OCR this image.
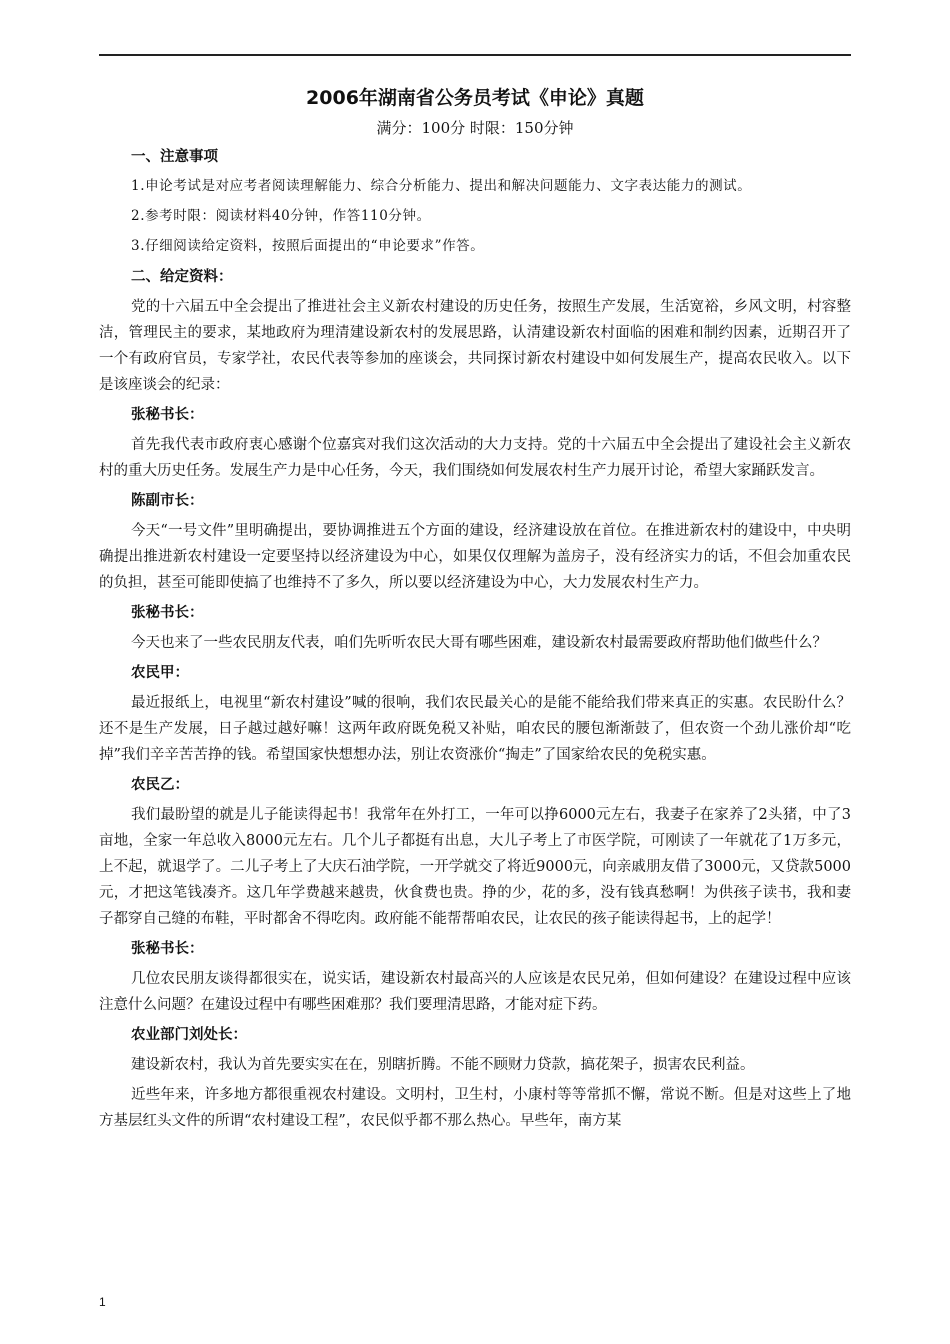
2006年湖南省公务员考试《申论》真题

满分：100分 时限：150分钟

一、注意事项

1.申论考试是对应考者阅读理解能力、综合分析能力、提出和解决问题能力、文字表达能力的测试。

2.参考时限：阅读材料40分钟，作答110分钟。

3.仔细阅读给定资料，按照后面提出的“申论要求”作答。

二、给定资料：

党的十六届五中全会提出了推进社会主义新农村建设的历史任务，按照生产发展，生活宽裕，乡风文明，村容整洁，管理民主的要求，某地政府为理清建设新农村的发展思路，认清建设新农村面临的困难和制约因素，近期召开了一个有政府官员，专家学社，农民代表等参加的座谈会，共同探讨新农村建设中如何发展生产，提高农民收入。以下是该座谈会的纪录：

张秘书长：

首先我代表市政府衷心感谢个位嘉宾对我们这次活动的大力支持。党的十六届五中全会提出了建设社会主义新农村的重大历史任务。发展生产力是中心任务，今天，我们围绕如何发展农村生产力展开讨论，希望大家踊跃发言。

陈副市长：

今天“一号文件”里明确提出，要协调推进五个方面的建设，经济建设放在首位。在推进新农村的建设中，中央明确提出推进新农村建设一定要坚持以经济建设为中心，如果仅仅理解为盖房子，没有经济实力的话，不但会加重农民的负担，甚至可能即使搞了也维持不了多久，所以要以经济建设为中心，大力发展农村生产力。

张秘书长：

今天也来了一些农民朋友代表，咱们先听听农民大哥有哪些困难，建设新农村最需要政府帮助他们做些什么？

农民甲：

最近报纸上，电视里“新农村建设”喊的很响，我们农民最关心的是能不能给我们带来真正的实惠。农民盼什么？还不是生产发展，日子越过越好嘛！这两年政府既免税又补贴，咱农民的腰包渐渐鼓了，但农资一个劲儿涨价却“吃掉”我们辛辛苦苦挣的钱。希望国家快想想办法，别让农资涨价“掏走”了国家给农民的免税实惠。

农民乙：

我们最盼望的就是儿子能读得起书！我常年在外打工，一年可以挣6000元左右，我妻子在家养了2头猪，中了3亩地，全家一年总收入8000元左右。几个儿子都挺有出息，大儿子考上了市医学院，可刚读了一年就花了1万多元，上不起，就退学了。二儿子考上了大庆石油学院，一开学就交了将近9000元，向亲戚朋友借了3000元，又贷款5000元，才把这笔钱凑齐。这几年学费越来越贵，伙食费也贵。挣的少，花的多，没有钱真愁啊！为供孩子读书，我和妻子都穿自己缝的布鞋，平时都舍不得吃肉。政府能不能帮帮咱农民，让农民的孩子能读得起书，上的起学！

张秘书长：

几位农民朋友谈得都很实在，说实话，建设新农村最高兴的人应该是农民兄弟，但如何建设？在建设过程中应该注意什么问题？在建设过程中有哪些困难那？我们要理清思路，才能对症下药。

农业部门刘处长：

建设新农村，我认为首先要实实在在，别瞎折腾。不能不顾财力贷款，搞花架子，损害农民利益。

近些年来，许多地方都很重视农村建设。文明村，卫生村，小康村等等常抓不懈，常说不断。但是对这些上了地方基层红头文件的所谓“农村建设工程”，农民似乎都不那么热心。早些年，南方某

1
